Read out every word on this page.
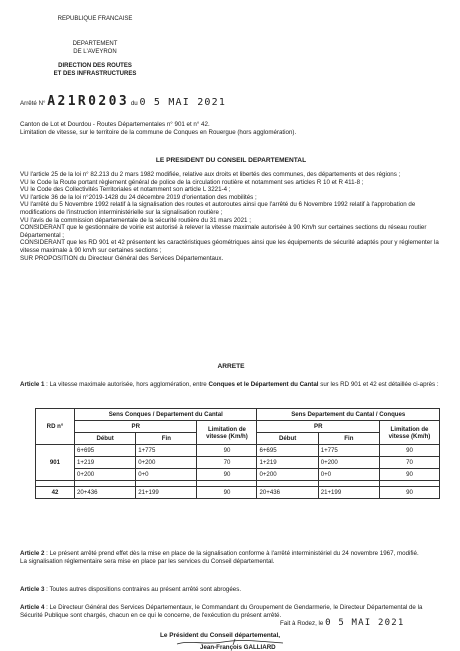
REPUBLIQUE FRANCAISE
DEPARTEMENT
DE L'AVEYRON
DIRECTION DES ROUTES
ET DES INFRASTRUCTURES
Arrêté N° A21R0203 du 0 5 MAI 2021
Canton de Lot et Dourdou - Routes Départementales n° 901 et n° 42.
Limitation de vitesse, sur le territoire de la commune de Conques en Rouergue (hors agglomération).
LE PRESIDENT DU CONSEIL DEPARTEMENTAL
VU l'article 25 de la loi n° 82.213 du 2 mars 1982 modifiée, relative aux droits et libertés des communes, des départements et des régions ;
VU le Code la Route portant règlement général de police de la circulation routière et notamment ses articles R 10 et R 411-8 ;
VU le Code des Collectivités Territoriales et notamment son article L 3221-4 ;
VU l'article 36 de la loi n°2019-1428 du 24 décembre 2019 d'orientation des mobilités ;
VU l'arrêté du 5 Novembre 1992 relatif à la signalisation des routes et autoroutes ainsi que l'arrêté du 6 Novembre 1992 relatif à l'approbation de modifications de l'instruction interministérielle sur la signalisation routière ;
VU l'avis de la commission départementale de la sécurité routière du 31 mars 2021 ;
CONSIDERANT que le gestionnaire de voirie est autorisé à relever la vitesse maximale autorisée à 90 Km/h sur certaines sections du réseau routier Départemental ;
CONSIDERANT que les RD 901 et 42 présentent les caractéristiques géométriques ainsi que les équipements de sécurité adaptés pour y réglementer la vitesse maximale à 90 km/h sur certaines sections ;
SUR PROPOSITION du Directeur Général des Services Départementaux.
ARRETE
Article 1 : La vitesse maximale autorisée, hors agglomération, entre Conques et le Département du Cantal sur les RD 901 et 42 est détaillée ci-après :
RD n°	Sens Conques / Departement du Cantal			Sens Departement du Cantal / Conques		
	PR		Limitation de vitesse (Km/h)	PR		Limitation de vitesse (Km/h)
	Début	Fin		Début	Fin	
901	6+695	1+775	90	6+695	1+775	90
	1+219	0+200	70	1+219	0+200	70
	0+200	0+0	90	0+200	0+0	90

42	20+436	21+199	90	20+436	21+199	90
Article 2 : Le présent arrêté prend effet dès la mise en place de la signalisation conforme à l'arrêté interministériel du 24 novembre 1967, modifié.
La signalisation réglementaire sera mise en place par les services du Conseil départemental.
Article 3 : Toutes autres dispositions contraires au présent arrêté sont abrogées.
Article 4 : Le Directeur Général des Services Départementaux, le Commandant du Groupement de Gendarmerie, le Directeur Départemental de la Sécurité Publique sont chargés, chacun en ce qui le concerne, de l'exécution du présent arrêté.
Fait à Rodez, le 0 5 MAI 2021
Le Président du Conseil départemental,
Jean-François GALLIARD
